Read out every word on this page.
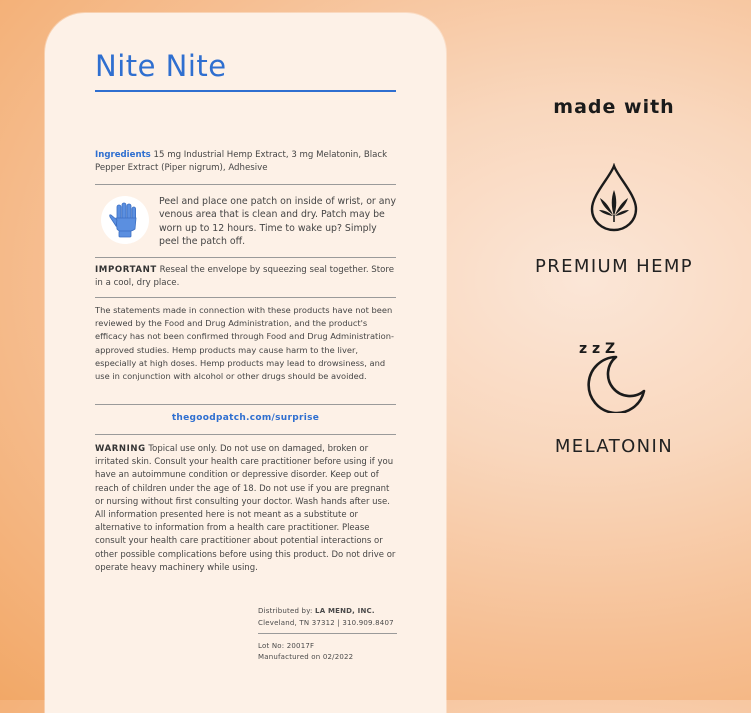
Nite Nite
Ingredients 15 mg Industrial Hemp Extract, 3 mg Melatonin, Black Pepper Extract (Piper nigrum), Adhesive
Peel and place one patch on inside of wrist, or any venous area that is clean and dry. Patch may be worn up to 12 hours. Time to wake up? Simply peel the patch off.
IMPORTANT Reseal the envelope by squeezing seal together. Store in a cool, dry place.
The statements made in connection with these products have not been reviewed by the Food and Drug Administration, and the product's efficacy has not been confirmed through Food and Drug Administration-approved studies. Hemp products may cause harm to the liver, especially at high doses. Hemp products may lead to drowsiness, and use in conjunction with alcohol or other drugs should be avoided.
thegoodpatch.com/surprise
WARNING Topical use only. Do not use on damaged, broken or irritated skin. Consult your health care practitioner before using if you have an autoimmune condition or depressive disorder. Keep out of reach of children under the age of 18. Do not use if you are pregnant or nursing without first consulting your doctor. Wash hands after use. All information presented here is not meant as a substitute or alternative to information from a health care practitioner. Please consult your health care practitioner about potential interactions or other possible complications before using this product. Do not drive or operate heavy machinery while using.
Distributed by: LA MEND, INC.
Cleveland, TN 37312 | 310.909.8407
Lot No: 20017F
Manufactured on 02/2022
made with
PREMIUM HEMP
z z Z
MELATONIN
